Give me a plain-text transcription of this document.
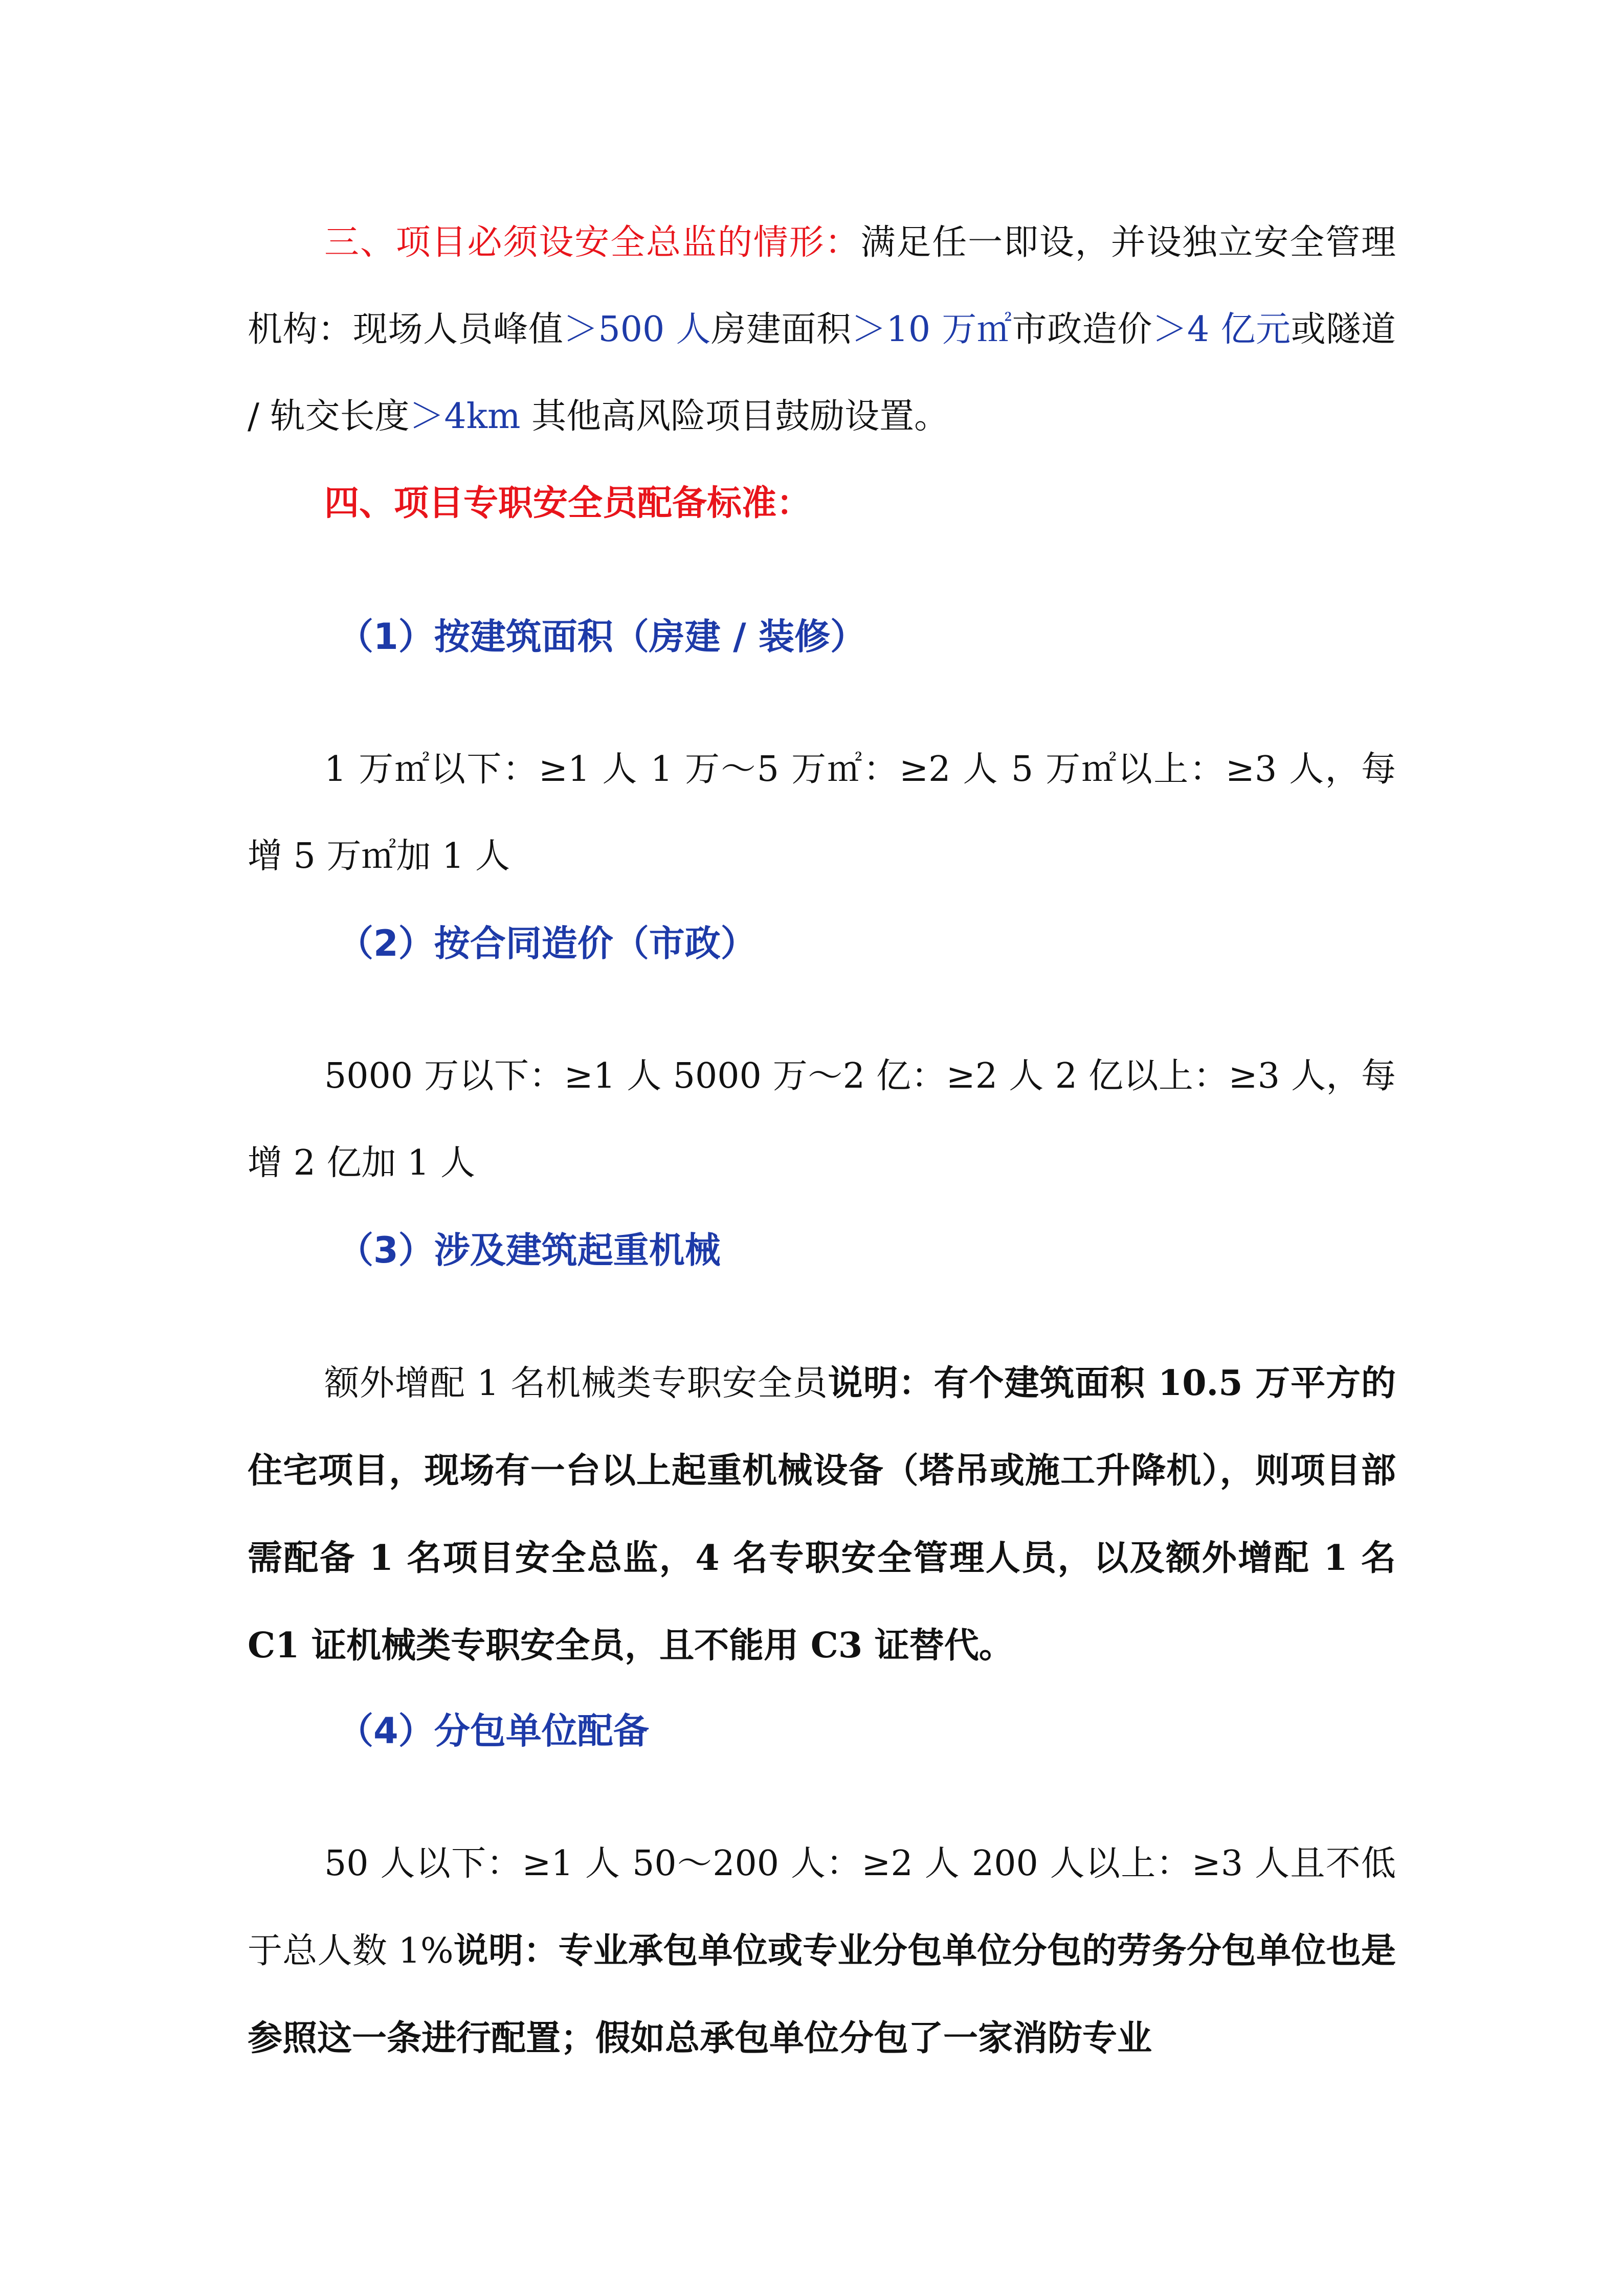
三、项目必须设安全总监的情形：满足任一即设，并设独立安全管理机构：现场人员峰值＞500 人房建面积＞10 万㎡市政造价＞4 亿元或隧道 / 轨交长度＞4km 其他高风险项目鼓励设置。

四、项目专职安全员配备标准：

（1）按建筑面积（房建 / 装修）

1 万㎡以下：≥1 人 1 万～5 万㎡：≥2 人 5 万㎡以上：≥3 人，每增 5 万㎡加 1 人

（2）按合同造价（市政）

5000 万以下：≥1 人 5000 万～2 亿：≥2 人 2 亿以上：≥3 人，每增 2 亿加 1 人

（3）涉及建筑起重机械

额外增配 1 名机械类专职安全员说明：有个建筑面积 10.5 万平方的住宅项目，现场有一台以上起重机械设备（塔吊或施工升降机），则项目部需配备 1 名项目安全总监，4 名专职安全管理人员，以及额外增配 1 名 C1 证机械类专职安全员，且不能用 C3 证替代。

（4）分包单位配备

50 人以下：≥1 人 50～200 人：≥2 人 200 人以上：≥3 人且不低于总人数 1%说明：专业承包单位或专业分包单位分包的劳务分包单位也是参照这一条进行配置；假如总承包单位分包了一家消防专业
